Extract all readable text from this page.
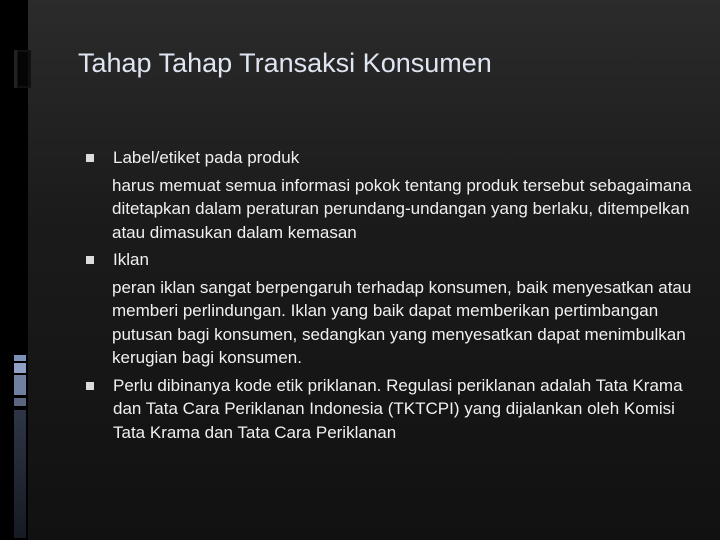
Tahap Tahap Transaksi Konsumen
Label/etiket pada produk
harus memuat semua informasi pokok tentang produk tersebut sebagaimana ditetapkan dalam peraturan perundang-undangan yang berlaku, ditempelkan atau dimasukan dalam kemasan
Iklan
peran iklan sangat berpengaruh terhadap konsumen, baik menyesatkan atau memberi perlindungan. Iklan yang baik dapat memberikan pertimbangan putusan bagi konsumen, sedangkan yang menyesatkan dapat menimbulkan kerugian bagi konsumen.
Perlu dibinanya kode etik priklanan. Regulasi periklanan adalah Tata Krama dan Tata Cara Periklanan Indonesia (TKTCPI) yang dijalankan oleh Komisi Tata Krama dan Tata Cara Periklanan
